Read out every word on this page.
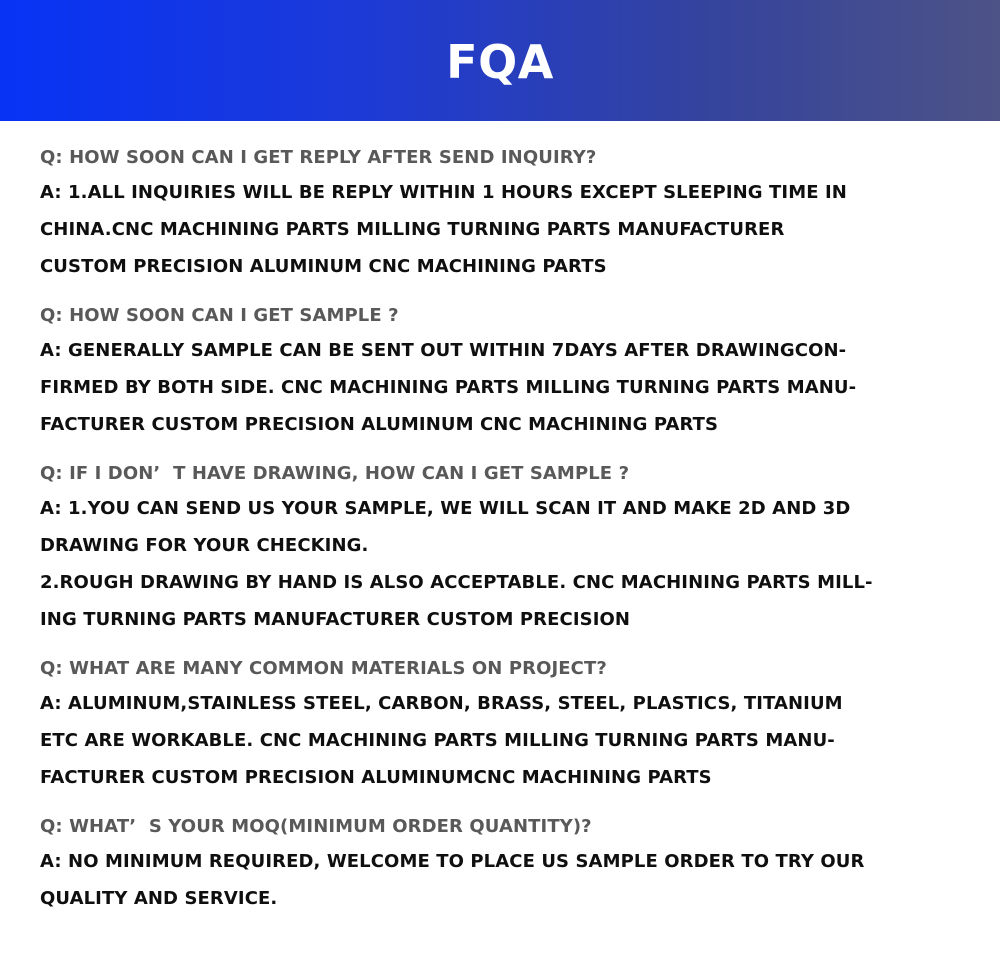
FQA
Q: HOW SOON CAN I GET REPLY AFTER SEND INQUIRY?
A: 1.ALL INQUIRIES WILL BE REPLY WITHIN 1 HOURS EXCEPT SLEEPING TIME IN
CHINA.CNC MACHINING PARTS MILLING TURNING PARTS MANUFACTURER
CUSTOM PRECISION ALUMINUM CNC MACHINING PARTS
Q: HOW SOON CAN I GET SAMPLE ?
A: GENERALLY SAMPLE CAN BE SENT OUT WITHIN 7DAYS AFTER DRAWINGCON-
FIRMED BY BOTH SIDE. CNC MACHINING PARTS MILLING TURNING PARTS MANU-
FACTURER CUSTOM PRECISION ALUMINUM CNC MACHINING PARTS
Q: IF I DON’  T HAVE DRAWING, HOW CAN I GET SAMPLE ?
A: 1.YOU CAN SEND US YOUR SAMPLE, WE WILL SCAN IT AND MAKE 2D AND 3D
DRAWING FOR YOUR CHECKING.
2.ROUGH DRAWING BY HAND IS ALSO ACCEPTABLE. CNC MACHINING PARTS MILL-
ING TURNING PARTS MANUFACTURER CUSTOM PRECISION
Q: WHAT ARE MANY COMMON MATERIALS ON PROJECT?
A: ALUMINUM,STAINLESS STEEL, CARBON, BRASS, STEEL, PLASTICS, TITANIUM
ETC ARE WORKABLE. CNC MACHINING PARTS MILLING TURNING PARTS MANU-
FACTURER CUSTOM PRECISION ALUMINUMCNC MACHINING PARTS
Q: WHAT’  S YOUR MOQ(MINIMUM ORDER QUANTITY)?
A: NO MINIMUM REQUIRED, WELCOME TO PLACE US SAMPLE ORDER TO TRY OUR
QUALITY AND SERVICE.
